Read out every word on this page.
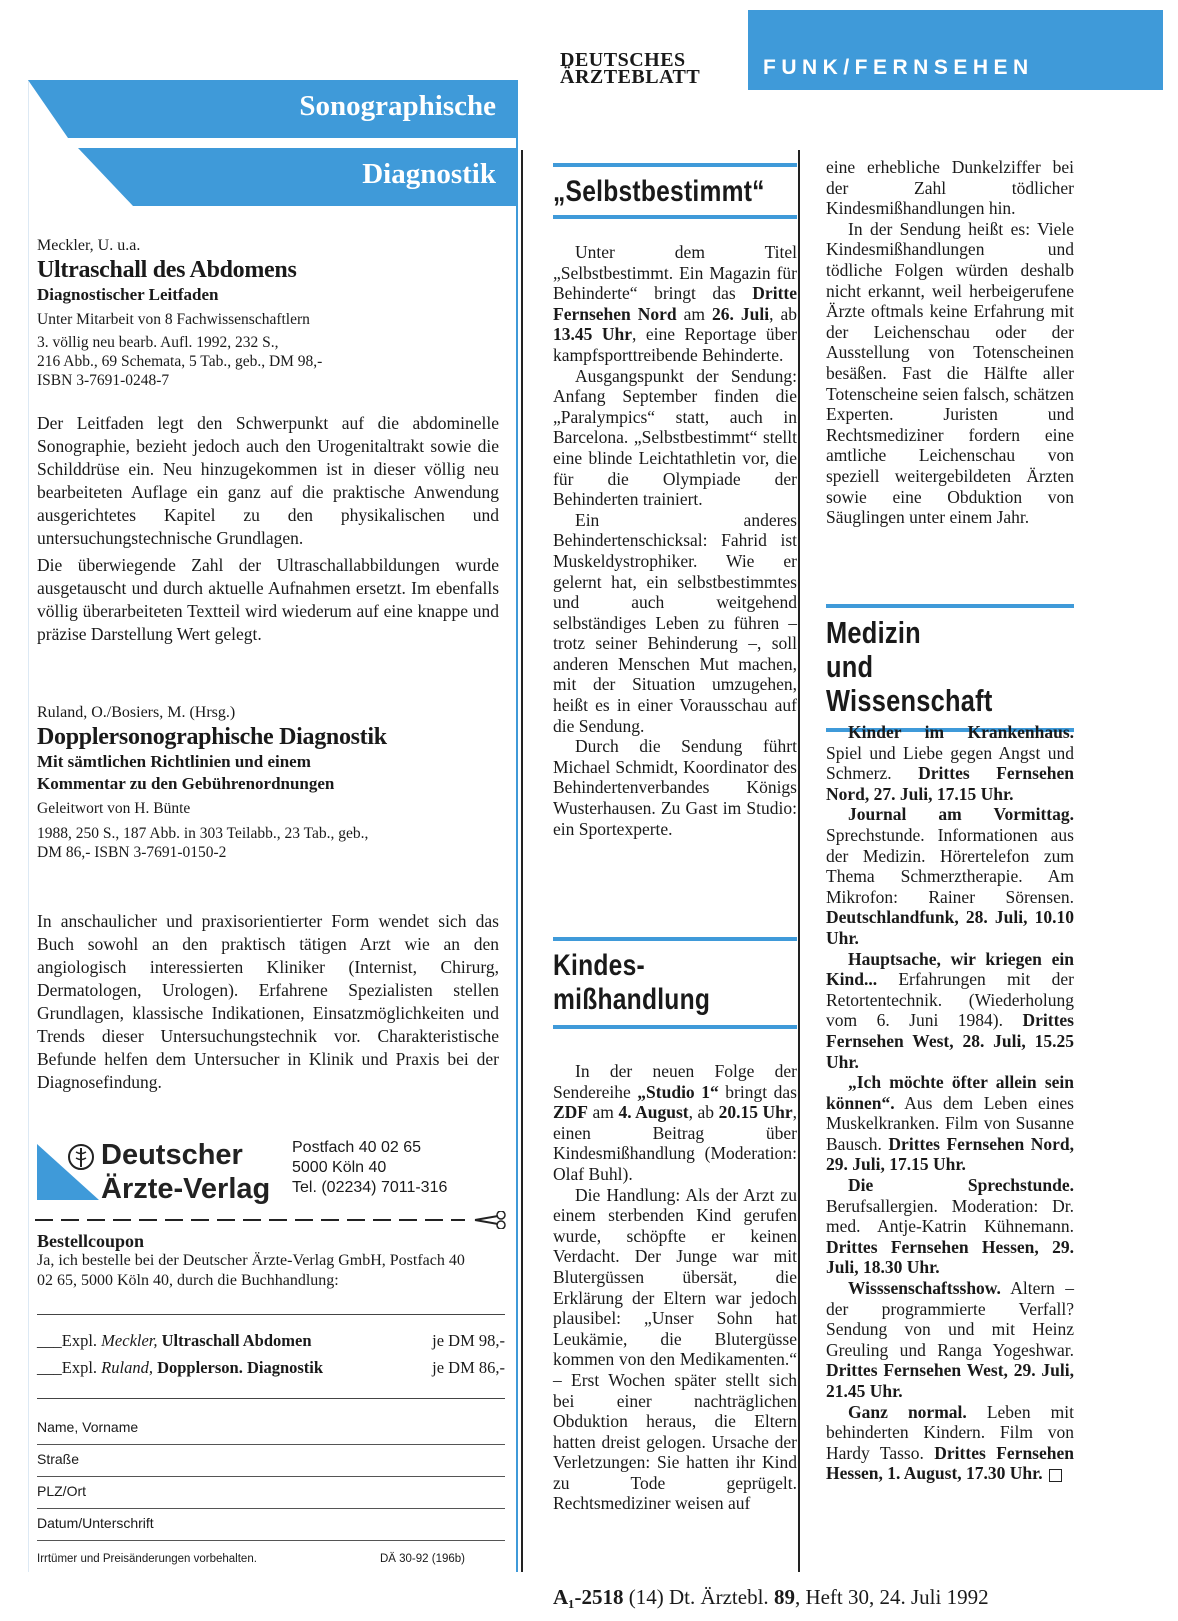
DEUTSCHES
ÄRZTEBLATT	FUNK/FERNSEHEN
Sonographische
Diagnostik
Meckler, U. u.a.
Ultraschall des Abdomens
Diagnostischer Leitfaden
Unter Mitarbeit von 8 Fachwissenschaftlern
3. völlig neu bearb. Aufl. 1992, 232 S.,
216 Abb., 69 Schemata, 5 Tab., geb., DM 98,-
ISBN 3-7691-0248-7

Der Leitfaden legt den Schwerpunkt auf die abdominelle Sonographie, bezieht jedoch auch den Urogenitaltrakt sowie die Schilddrüse ein. Neu hinzugekommen ist in dieser völlig neu bearbeiteten Auflage ein ganz auf die praktische Anwendung ausgerichtetes Kapitel zu den physikalischen und untersuchungstechnische Grundlagen.

Die überwiegende Zahl der Ultraschallabbildungen wurde ausgetauscht und durch aktuelle Aufnahmen ersetzt. Im ebenfalls völlig überarbeiteten Textteil wird wiederum auf eine knappe und präzise Darstellung Wert gelegt.

Ruland, O./Bosiers, M. (Hrsg.)
Dopplersonographische Diagnostik
Mit sämtlichen Richtlinien und einem
Kommentar zu den Gebührenordnungen
Geleitwort von H. Bünte
1988, 250 S., 187 Abb. in 303 Teilabb., 23 Tab., geb.,
DM 86,- ISBN 3-7691-0150-2

In anschaulicher und praxisorientierter Form wendet sich das Buch sowohl an den praktisch tätigen Arzt wie an den angiologisch interessierten Kliniker (Internist, Chirurg, Dermatologen, Urologen). Erfahrene Spezialisten stellen Grundlagen, klassische Indikationen, Einsatzmöglichkeiten und Trends dieser Untersuchungstechnik vor. Charakteristische Befunde helfen dem Untersucher in Klinik und Praxis bei der Diagnosefindung.

Deutscher
Ärzte-Verlag
Postfach 40 02 65
5000 Köln 40
Tel. (02234) 7011-316
Bestellcoupon
Ja, ich bestelle bei der Deutscher Ärzte-Verlag GmbH, Postfach 40 02 65, 5000 Köln 40, durch die Buchhandlung:
___Expl. Meckler, Ultraschall Abdomen	je DM 98,-
___Expl. Ruland, Dopplerson. Diagnostik	je DM 86,-
Name, Vorname
Straße
PLZ/Ort
Datum/Unterschrift
Irrtümer und Preisänderungen vorbehalten.	DÄ 30-92 (196b)
„Selbstbestimmt“

Unter dem Titel „Selbstbestimmt. Ein Magazin für Behinderte“ bringt das Dritte Fernsehen Nord am 26. Juli, ab 13.45 Uhr, eine Reportage über kampfsporttreibende Behinderte.

Ausgangspunkt der Sendung: Anfang September finden die „Paralympics“ statt, auch in Barcelona. „Selbstbestimmt“ stellt eine blinde Leichtathletin vor, die für die Olympiade der Behinderten trainiert.

Ein anderes Behindertenschicksal: Fahrid ist Muskeldystrophiker. Wie er gelernt hat, ein selbstbestimmtes und auch weitgehend selbständiges Leben zu führen – trotz seiner Behinderung –, soll anderen Menschen Mut machen, mit der Situation umzugehen, heißt es in einer Vorausschau auf die Sendung.

Durch die Sendung führt Michael Schmidt, Koordinator des Behindertenverbandes Königs Wusterhausen. Zu Gast im Studio: ein Sportexperte.

Kindes-
mißhandlung

In der neuen Folge der Sendereihe „Studio 1“ bringt das ZDF am 4. August, ab 20.15 Uhr, einen Beitrag über Kindesmißhandlung (Moderation: Olaf Buhl).

Die Handlung: Als der Arzt zu einem sterbenden Kind gerufen wurde, schöpfte er keinen Verdacht. Der Junge war mit Blutergüssen übersät, die Erklärung der Eltern war jedoch plausibel: „Unser Sohn hat Leukämie, die Blutergüsse kommen von den Medikamenten.“ – Erst Wochen später stellt sich bei einer nachträglichen Obduktion heraus, die Eltern hatten dreist gelogen. Ursache der Verletzungen: Sie hatten ihr Kind zu Tode geprügelt. Rechtsmediziner weisen auf

eine erhebliche Dunkelziffer bei der Zahl tödlicher Kindesmißhandlungen hin.

In der Sendung heißt es: Viele Kindesmißhandlungen und tödliche Folgen würden deshalb nicht erkannt, weil herbeigerufene Ärzte oftmals keine Erfahrung mit der Leichenschau oder der Ausstellung von Totenscheinen besäßen. Fast die Hälfte aller Totenscheine seien falsch, schätzen Experten. Juristen und Rechtsmediziner fordern eine amtliche Leichenschau von speziell weitergebildeten Ärzten sowie eine Obduktion von Säuglingen unter einem Jahr.

Medizin
und Wissenschaft

Kinder im Krankenhaus. Spiel und Liebe gegen Angst und Schmerz. Drittes Fernsehen Nord, 27. Juli, 17.15 Uhr.

Journal am Vormittag. Sprechstunde. Informationen aus der Medizin. Hörertelefon zum Thema Schmerztherapie. Am Mikrofon: Rainer Sörensen. Deutschlandfunk, 28. Juli, 10.10 Uhr.

Hauptsache, wir kriegen ein Kind... Erfahrungen mit der Retortentechnik. (Wiederholung vom 6. Juni 1984). Drittes Fernsehen West, 28. Juli, 15.25 Uhr.

„Ich möchte öfter allein sein können“. Aus dem Leben eines Muskelkranken. Film von Susanne Bausch. Drittes Fernsehen Nord, 29. Juli, 17.15 Uhr.

Die Sprechstunde. Berufsallergien. Moderation: Dr. med. Antje-Katrin Kühnemann. Drittes Fernsehen Hessen, 29. Juli, 18.30 Uhr.

Wisssenschaftsshow. Altern – der programmierte Verfall? Sendung von und mit Heinz Greuling und Ranga Yogeshwar. Drittes Fernsehen West, 29. Juli, 21.45 Uhr.

Ganz normal. Leben mit behinderten Kindern. Film von Hardy Tasso. Drittes Fernsehen Hessen, 1. August, 17.30 Uhr.

A₁-2518 (14) Dt. Ärztebl. 89, Heft 30, 24. Juli 1992
